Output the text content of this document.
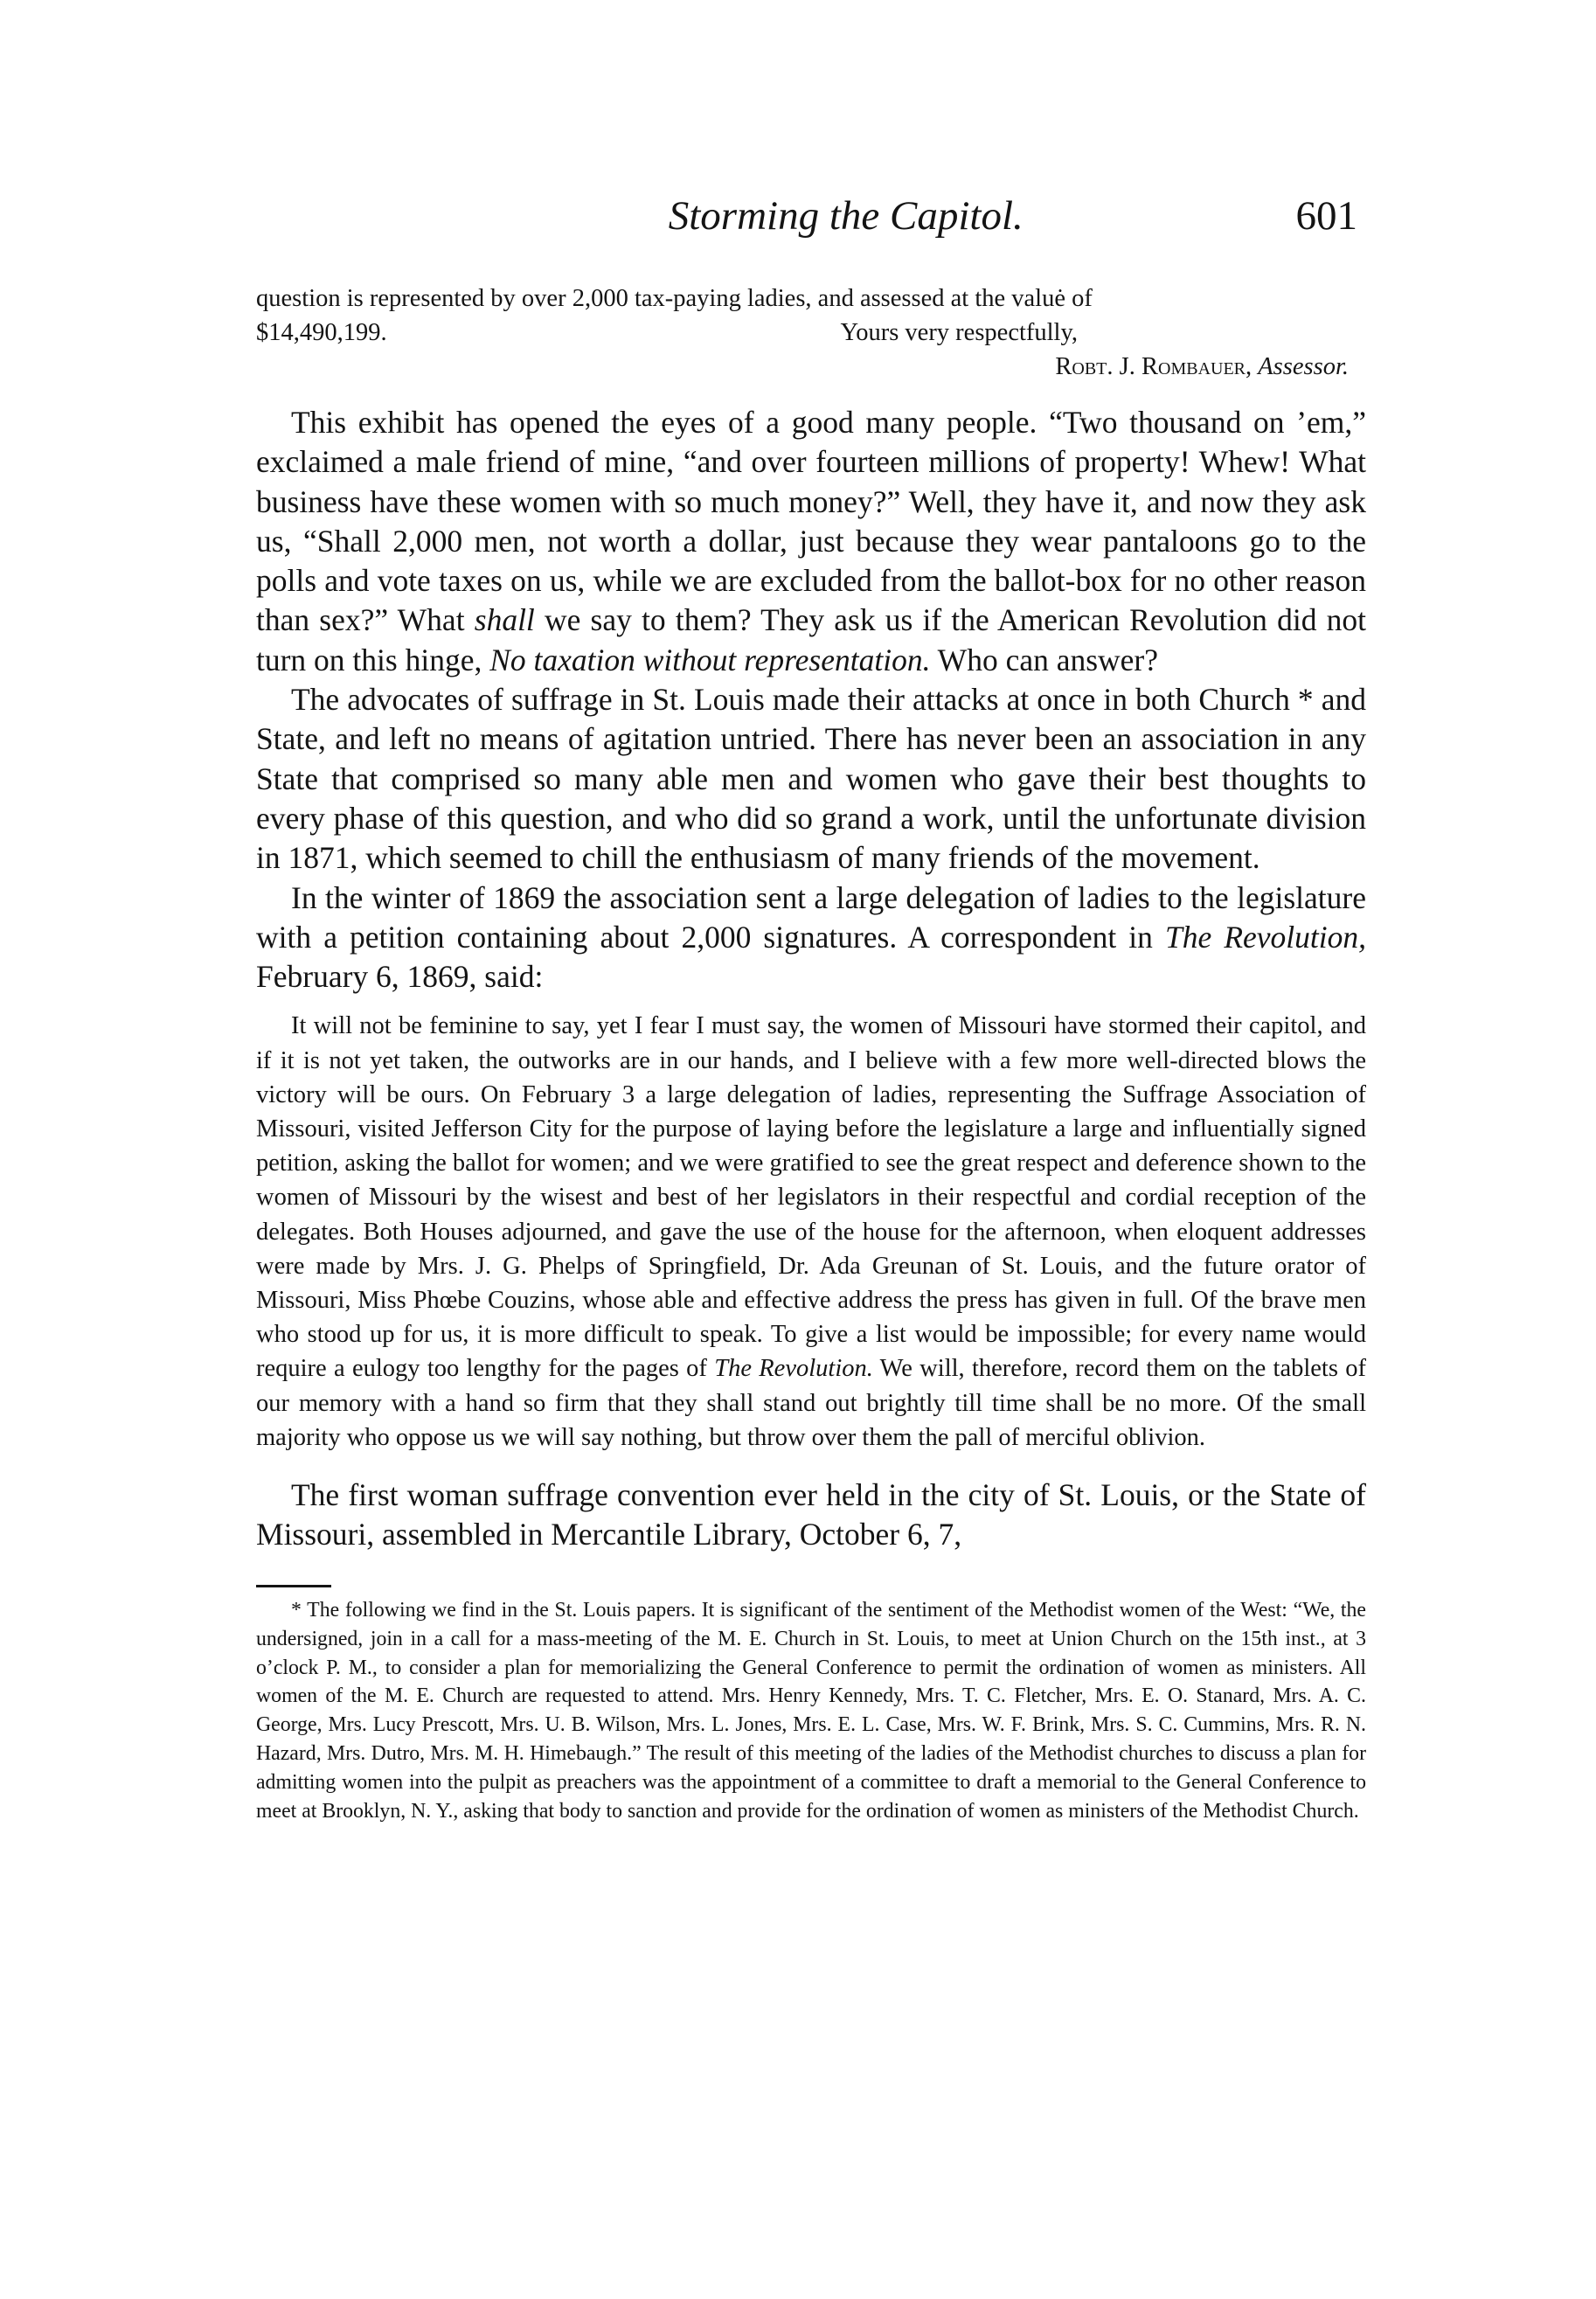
Storming the Capitol.	601

question is represented by over 2,000 tax-paying ladies, and assessed at the valuė of

$14,490,199.	Yours very respectfully,
Robt. J. Rombauer, Assessor.

This exhibit has opened the eyes of a good many people. “Two thousand on ’em,” exclaimed a male friend of mine, “and over fourteen millions of property! Whew! What business have these women with so much money?” Well, they have it, and now they ask us, “Shall 2,000 men, not worth a dollar, just because they wear pantaloons go to the polls and vote taxes on us, while we are excluded from the ballot-box for no other reason than sex?” What shall we say to them? They ask us if the American Revolution did not turn on this hinge, No taxation without representation. Who can answer?

The advocates of suffrage in St. Louis made their attacks at once in both Church * and State, and left no means of agitation untried. There has never been an association in any State that comprised so many able men and women who gave their best thoughts to every phase of this question, and who did so grand a work, until the unfortunate division in 1871, which seemed to chill the enthusiasm of many friends of the movement.

In the winter of 1869 the association sent a large delegation of ladies to the legislature with a petition containing about 2,000 signatures. A correspondent in The Revolution, February 6, 1869, said:

It will not be feminine to say, yet I fear I must say, the women of Missouri have stormed their capitol, and if it is not yet taken, the outworks are in our hands, and I believe with a few more well-directed blows the victory will be ours. On February 3 a large delegation of ladies, representing the Suffrage Association of Missouri, visited Jefferson City for the purpose of laying before the legislature a large and influentially signed petition, asking the ballot for women; and we were gratified to see the great respect and deference shown to the women of Missouri by the wisest and best of her legislators in their respectful and cordial reception of the delegates. Both Houses adjourned, and gave the use of the house for the afternoon, when eloquent addresses were made by Mrs. J. G. Phelps of Springfield, Dr. Ada Greunan of St. Louis, and the future orator of Missouri, Miss Phœbe Couzins, whose able and effective address the press has given in full. Of the brave men who stood up for us, it is more difficult to speak. To give a list would be impossible; for every name would require a eulogy too lengthy for the pages of The Revolution. We will, therefore, record them on the tablets of our memory with a hand so firm that they shall stand out brightly till time shall be no more. Of the small majority who oppose us we will say nothing, but throw over them the pall of merciful oblivion.

The first woman suffrage convention ever held in the city of St. Louis, or the State of Missouri, assembled in Mercantile Library, October 6, 7,

* The following we find in the St. Louis papers. It is significant of the sentiment of the Methodist women of the West: “We, the undersigned, join in a call for a mass-meeting of the M. E. Church in St. Louis, to meet at Union Church on the 15th inst., at 3 o’clock P. M., to consider a plan for memorializing the General Conference to permit the ordination of women as ministers. All women of the M. E. Church are requested to attend. Mrs. Henry Kennedy, Mrs. T. C. Fletcher, Mrs. E. O. Stanard, Mrs. A. C. George, Mrs. Lucy Prescott, Mrs. U. B. Wilson, Mrs. L. Jones, Mrs. E. L. Case, Mrs. W. F. Brink, Mrs. S. C. Cummins, Mrs. R. N. Hazard, Mrs. Dutro, Mrs. M. H. Himebaugh.” The result of this meeting of the ladies of the Methodist churches to discuss a plan for admitting women into the pulpit as preachers was the appointment of a committee to draft a memorial to the General Conference to meet at Brooklyn, N. Y., asking that body to sanction and provide for the ordination of women as ministers of the Methodist Church.
